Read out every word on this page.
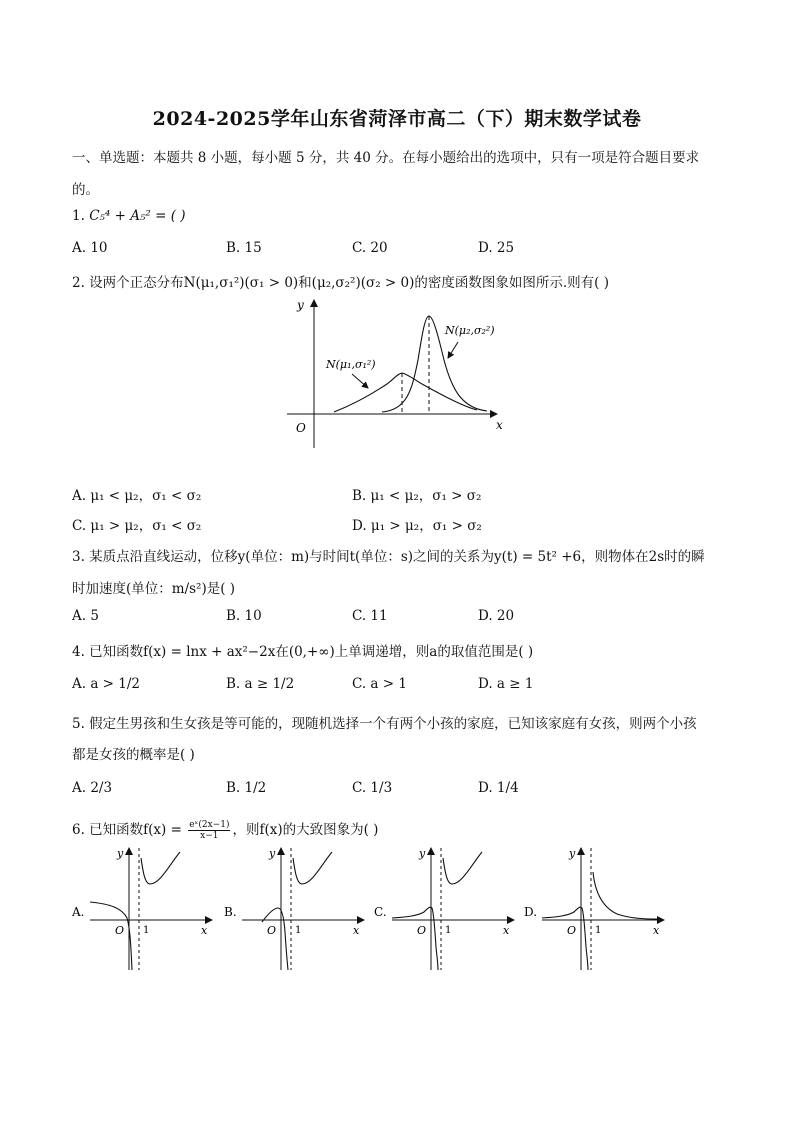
2024-2025学年山东省菏泽市高二（下）期末数学试卷
一、单选题：本题共 8 小题，每小题 5 分，共 40 分。在每小题给出的选项中，只有一项是符合题目要求
的。
1. C₅⁴ + A₅² = ( )
A. 10	B. 15	C. 20	D. 25
2. 设两个正态分布N(μ₁,σ₁²)(σ₁ > 0)和(μ₂,σ₂²)(σ₂ > 0)的密度函数图象如图所示.则有( )
y
x
O
N(μ₁,σ₁²)
N(μ₂,σ₂²)
A. μ₁ < μ₂，σ₁ < σ₂	B. μ₁ < μ₂，σ₁ > σ₂
C. μ₁ > μ₂，σ₁ < σ₂	D. μ₁ > μ₂，σ₁ > σ₂
3. 某质点沿直线运动，位移y(单位：m)与时间t(单位：s)之间的关系为y(t) = 5t² +6，则物体在2s时的瞬
时加速度(单位：m/s²)是( )
A. 5	B. 10	C. 11	D. 20
4. 已知函数f(x) = lnx + ax²−2x在(0,+∞)上单调递增，则a的取值范围是( )
A. a > 1/2	B. a ≥ 1/2	C. a > 1	D. a ≥ 1
5. 假定生男孩和生女孩是等可能的，现随机选择一个有两个小孩的家庭，已知该家庭有女孩，则两个小孩
都是女孩的概率是( )
A. 2/3	B. 1/2	C. 1/3	D. 1/4
6. 已知函数$f(x) = \frac{\text{eˣ(2x−1)}}{x-1}$ ，则f(x)的大致图象为( )
A.
y
x
O 1
B.
y
x
O 1
C.
y
x
O 1
D.
y
x
O 1
